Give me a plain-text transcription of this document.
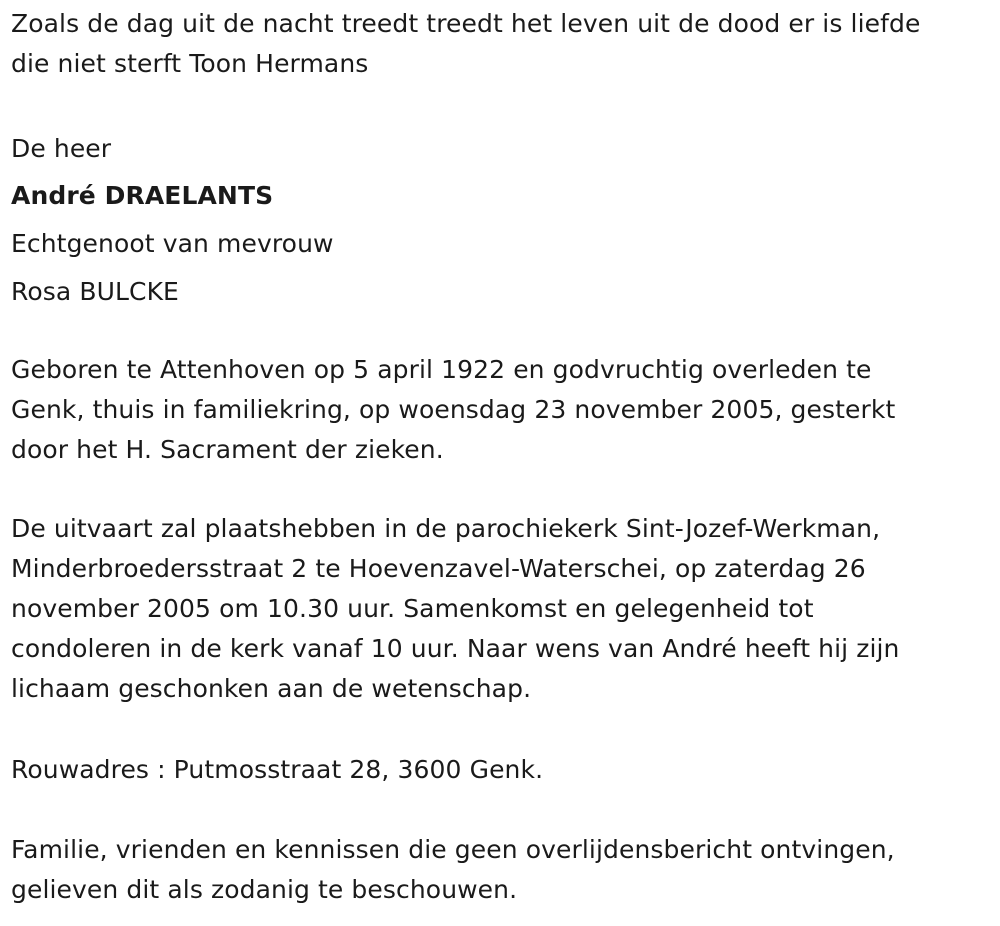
Zoals de dag uit de nacht treedt treedt het leven uit de dood er is liefde

die niet sterft Toon Hermans

De heer

André DRAELANTS

Echtgenoot van mevrouw

Rosa BULCKE

Geboren te Attenhoven op 5 april 1922 en godvruchtig overleden te

Genk, thuis in familiekring, op woensdag 23 november 2005, gesterkt

door het H. Sacrament der zieken.

De uitvaart zal plaatshebben in de parochiekerk Sint-Jozef-Werkman,

Minderbroedersstraat 2 te Hoevenzavel-Waterschei, op zaterdag 26

november 2005 om 10.30 uur. Samenkomst en gelegenheid tot

condoleren in de kerk vanaf 10 uur. Naar wens van André heeft hij zijn

lichaam geschonken aan de wetenschap.

Rouwadres : Putmosstraat 28, 3600 Genk.

Familie, vrienden en kennissen die geen overlijdensbericht ontvingen,

gelieven dit als zodanig te beschouwen.
